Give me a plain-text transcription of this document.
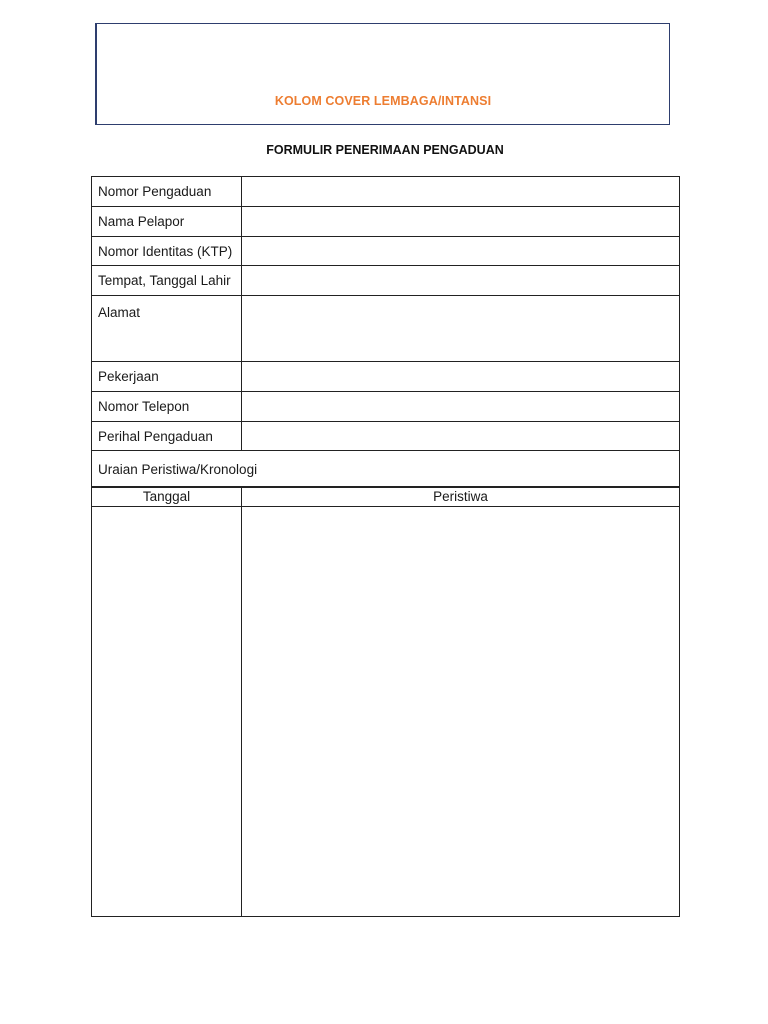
KOLOM COVER LEMBAGA/INTANSI
FORMULIR PENERIMAAN PENGADUAN
Nomor Pengaduan	
Nama Pelapor	
Nomor Identitas (KTP)	
Tempat, Tanggal Lahir	
Alamat	
Pekerjaan	
Nomor Telepon	
Perihal Pengaduan	
Uraian Peristiwa/Kronologi	
Tanggal	Peristiwa
